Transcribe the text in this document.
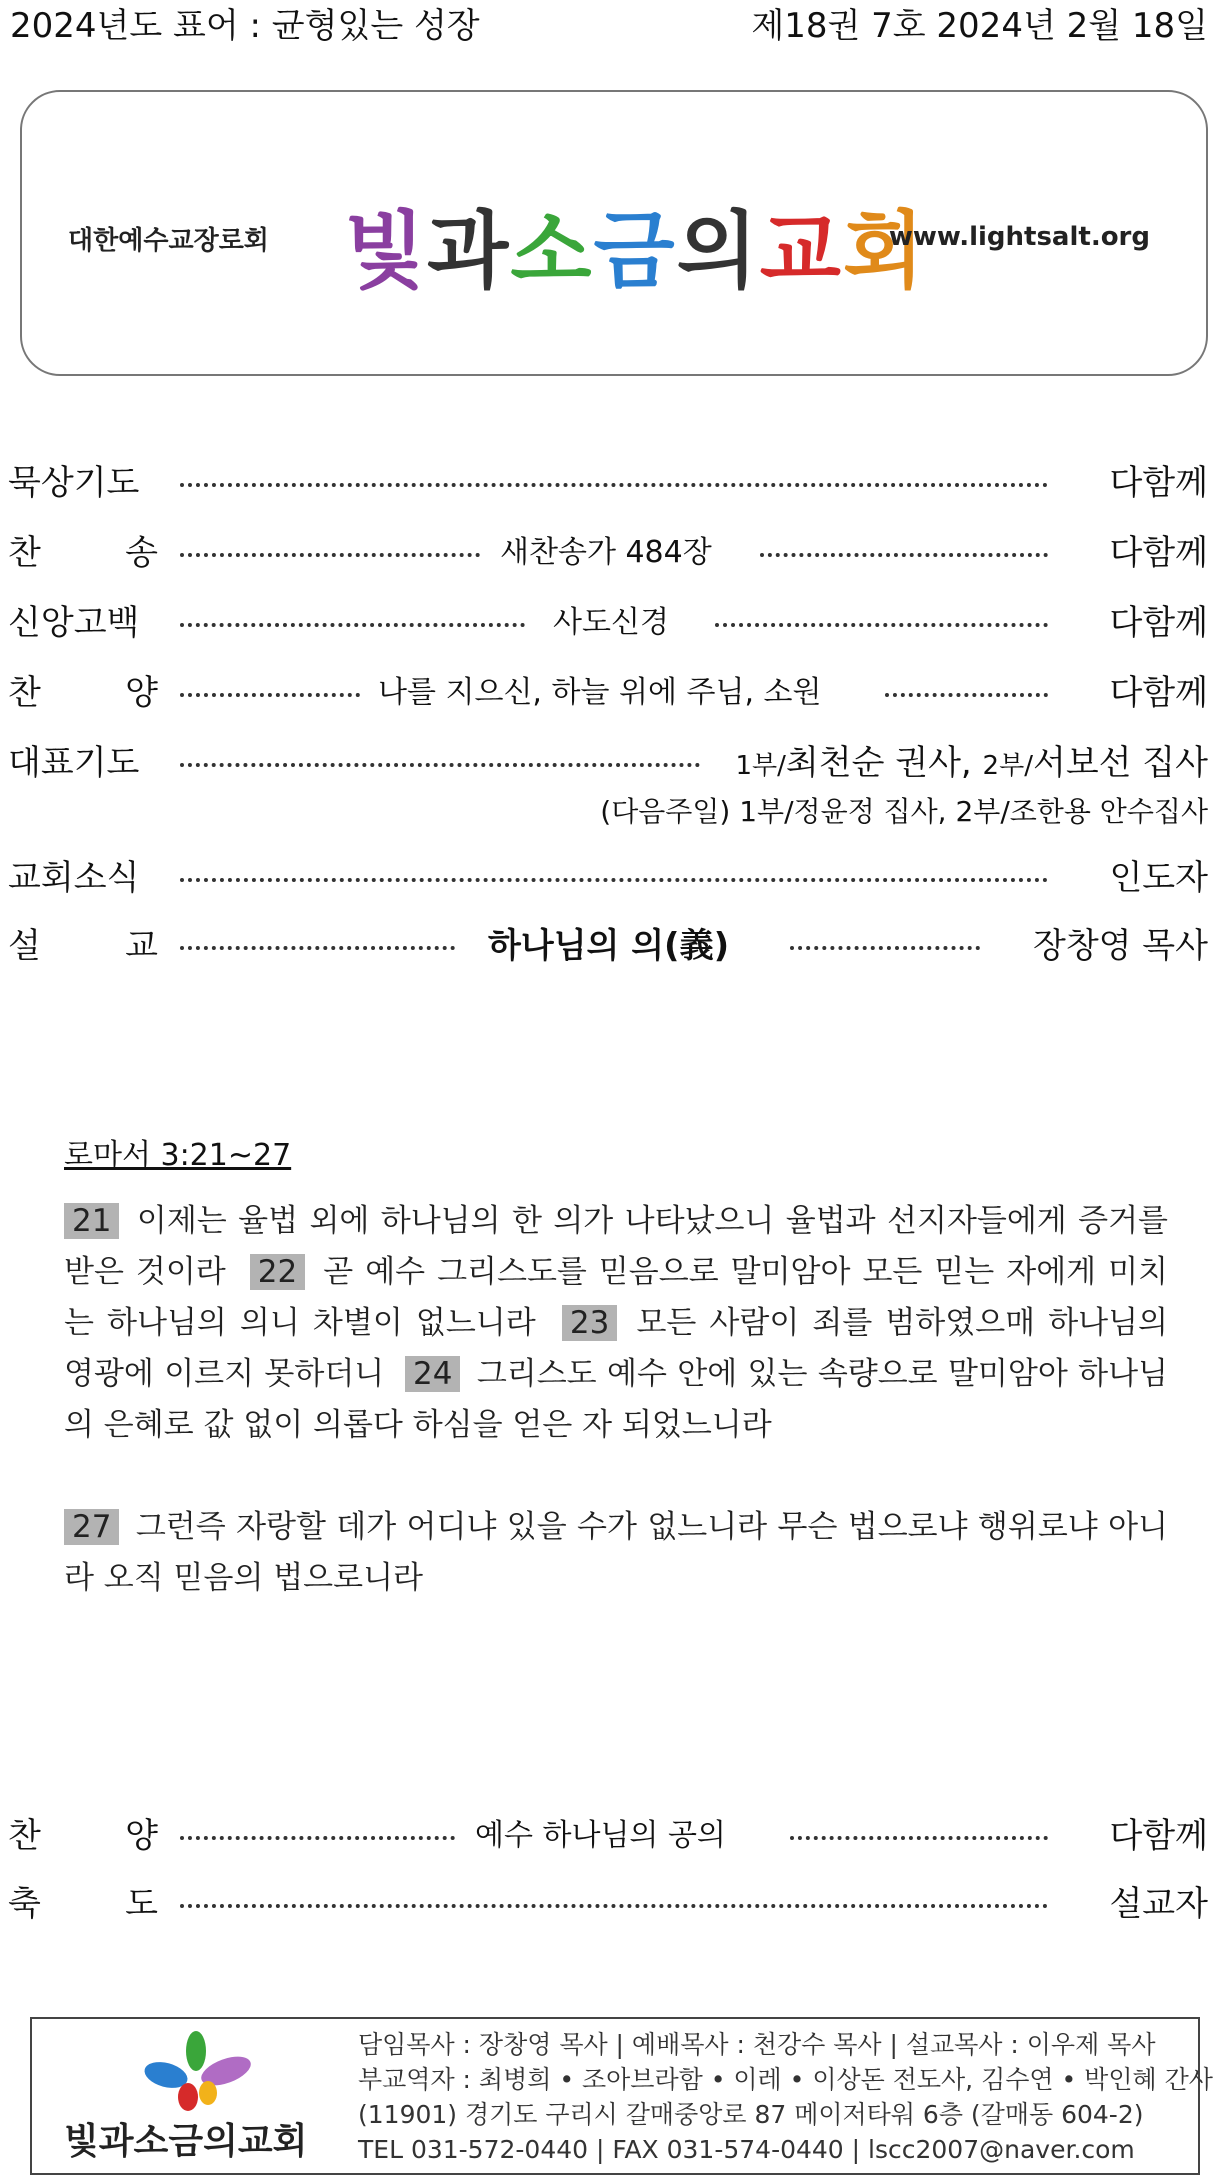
2024년도 표어 : 균형있는 성장	제18권 7호 2024년 2월 18일
대한예수교장로회 빛과소금의교회
www.lightsalt.org
묵상기도	다함께
찬 송	새찬송가 484장	다함께
신앙고백	사도신경	다함께
찬 양	나를 지으신, 하늘 위에 주님, 소원	다함께
대표기도	1부/최천순 권사, 2부/서보선 집사
(다음주일) 1부/정윤정 집사, 2부/조한용 안수집사
교회소식	인도자
설 교	하나님의 의(義)	장창영 목사
로마서 3:21~27

21 이제는 율법 외에 하나님의 한 의가 나타났으니 율법과 선지자들에게 증거를 받은 것이라 22 곧 예수 그리스도를 믿음으로 말미암아 모든 믿는 자에게 미치는 하나님의 의니 차별이 없느니라 23 모든 사람이 죄를 범하였으매 하나님의 영광에 이르지 못하더니 24 그리스도 예수 안에 있는 속량으로 말미암아 하나님의 은혜로 값 없이 의롭다 하심을 얻은 자 되었느니라

27 그런즉 자랑할 데가 어디냐 있을 수가 없느니라 무슨 법으로냐 행위로냐 아니라 오직 믿음의 법으로니라

찬 양	예수 하나님의 공의	다함께
축 도	설교자
빛과소금의교회
담임목사 : 장창영 목사 | 예배목사 : 천강수 목사 | 설교목사 : 이우제 목사
부교역자 : 최병희 • 조아브라함 • 이레 • 이상돈 전도사, 김수연 • 박인혜 간사
(11901) 경기도 구리시 갈매중앙로 87 메이저타워 6층 (갈매동 604-2)
TEL 031-572-0440 | FAX 031-574-0440 | lscc2007@naver.com
